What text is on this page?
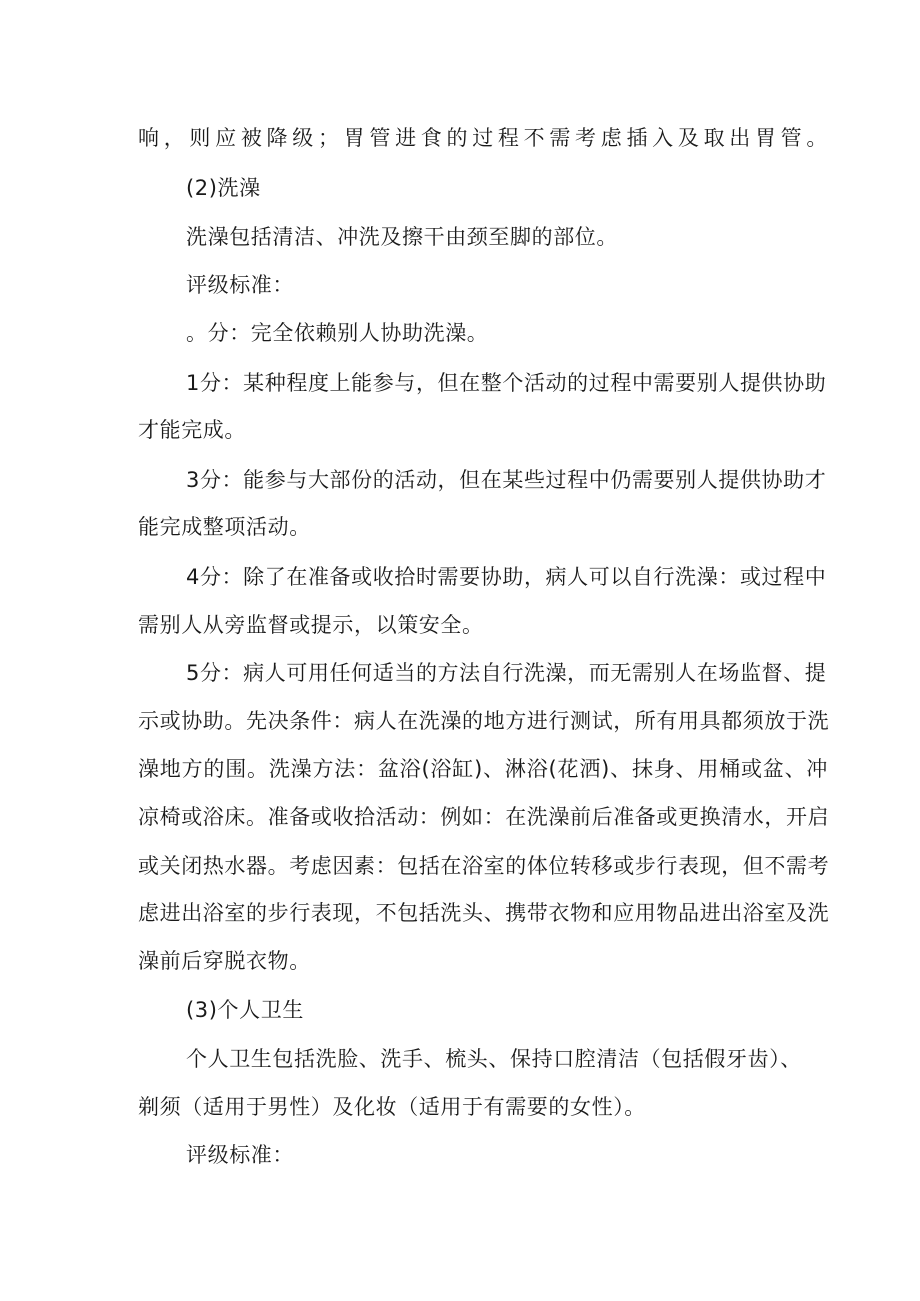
响，则应被降级；胃管进食的过程不需考虑插入及取出胃管。
(2)洗澡
洗澡包括清洁、冲洗及擦干由颈至脚的部位。
评级标准：
。分：完全依赖别人协助洗澡。
1分：某种程度上能参与，但在整个活动的过程中需要别人提供协助
才能完成。
3分：能参与大部份的活动，但在某些过程中仍需要别人提供协助才
能完成整项活动。
4分：除了在准备或收拾时需要协助，病人可以自行洗澡：或过程中
需别人从旁监督或提示，以策安全。
5分：病人可用任何适当的方法自行洗澡，而无需别人在场监督、提
示或协助。先决条件：病人在洗澡的地方进行测试，所有用具都须放于洗
澡地方的围。洗澡方法：盆浴(浴缸)、淋浴(花洒)、抹身、用桶或盆、冲
凉椅或浴床。准备或收拾活动：例如：在洗澡前后准备或更换清水，开启
或关闭热水器。考虑因素：包括在浴室的体位转移或步行表现，但不需考
虑进出浴室的步行表现，不包括洗头、携带衣物和应用物品进出浴室及洗
澡前后穿脱衣物。
(3)个人卫生
个人卫生包括洗脸、洗手、梳头、保持口腔清洁（包括假牙齿）、
剃须（适用于男性）及化妆（适用于有需要的女性）。
评级标准：
